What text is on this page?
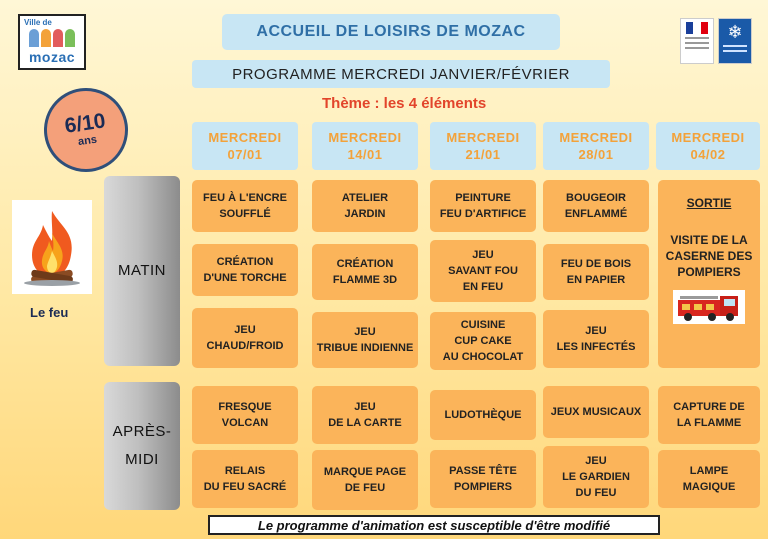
Ville de
mozac
ACCUEIL DE LOISIRS DE MOZAC
PROGRAMME MERCREDI JANVIER/FÉVRIER
Thème : les 4 éléments
❄
6/10
ans
Le feu
MERCREDI
07/01
MERCREDI
14/01
MERCREDI
21/01
MERCREDI
28/01
MERCREDI
04/02
MATIN
APRÈS-
MIDI
FEU À L'ENCRE
SOUFFLÉ
CRÉATION
D'UNE TORCHE
JEU
CHAUD/FROID
ATELIER
JARDIN
CRÉATION
FLAMME 3D
JEU
TRIBUE INDIENNE
PEINTURE
FEU D'ARTIFICE
JEU
SAVANT FOU
EN FEU
CUISINE
CUP CAKE
AU CHOCOLAT
BOUGEOIR
ENFLAMMÉ
FEU DE BOIS
EN PAPIER
JEU
LES INFECTÉS
SORTIE
VISITE DE LA CASERNE DES POMPIERS
FRESQUE
VOLCAN
RELAIS
DU FEU SACRÉ
JEU
DE LA CARTE
MARQUE PAGE
DE FEU
LUDOTHÈQUE
PASSE TÊTE
POMPIERS
JEUX MUSICAUX
JEU
LE GARDIEN
DU FEU
CAPTURE DE
LA FLAMME
LAMPE
MAGIQUE
Le programme d'animation est susceptible d'être modifié
